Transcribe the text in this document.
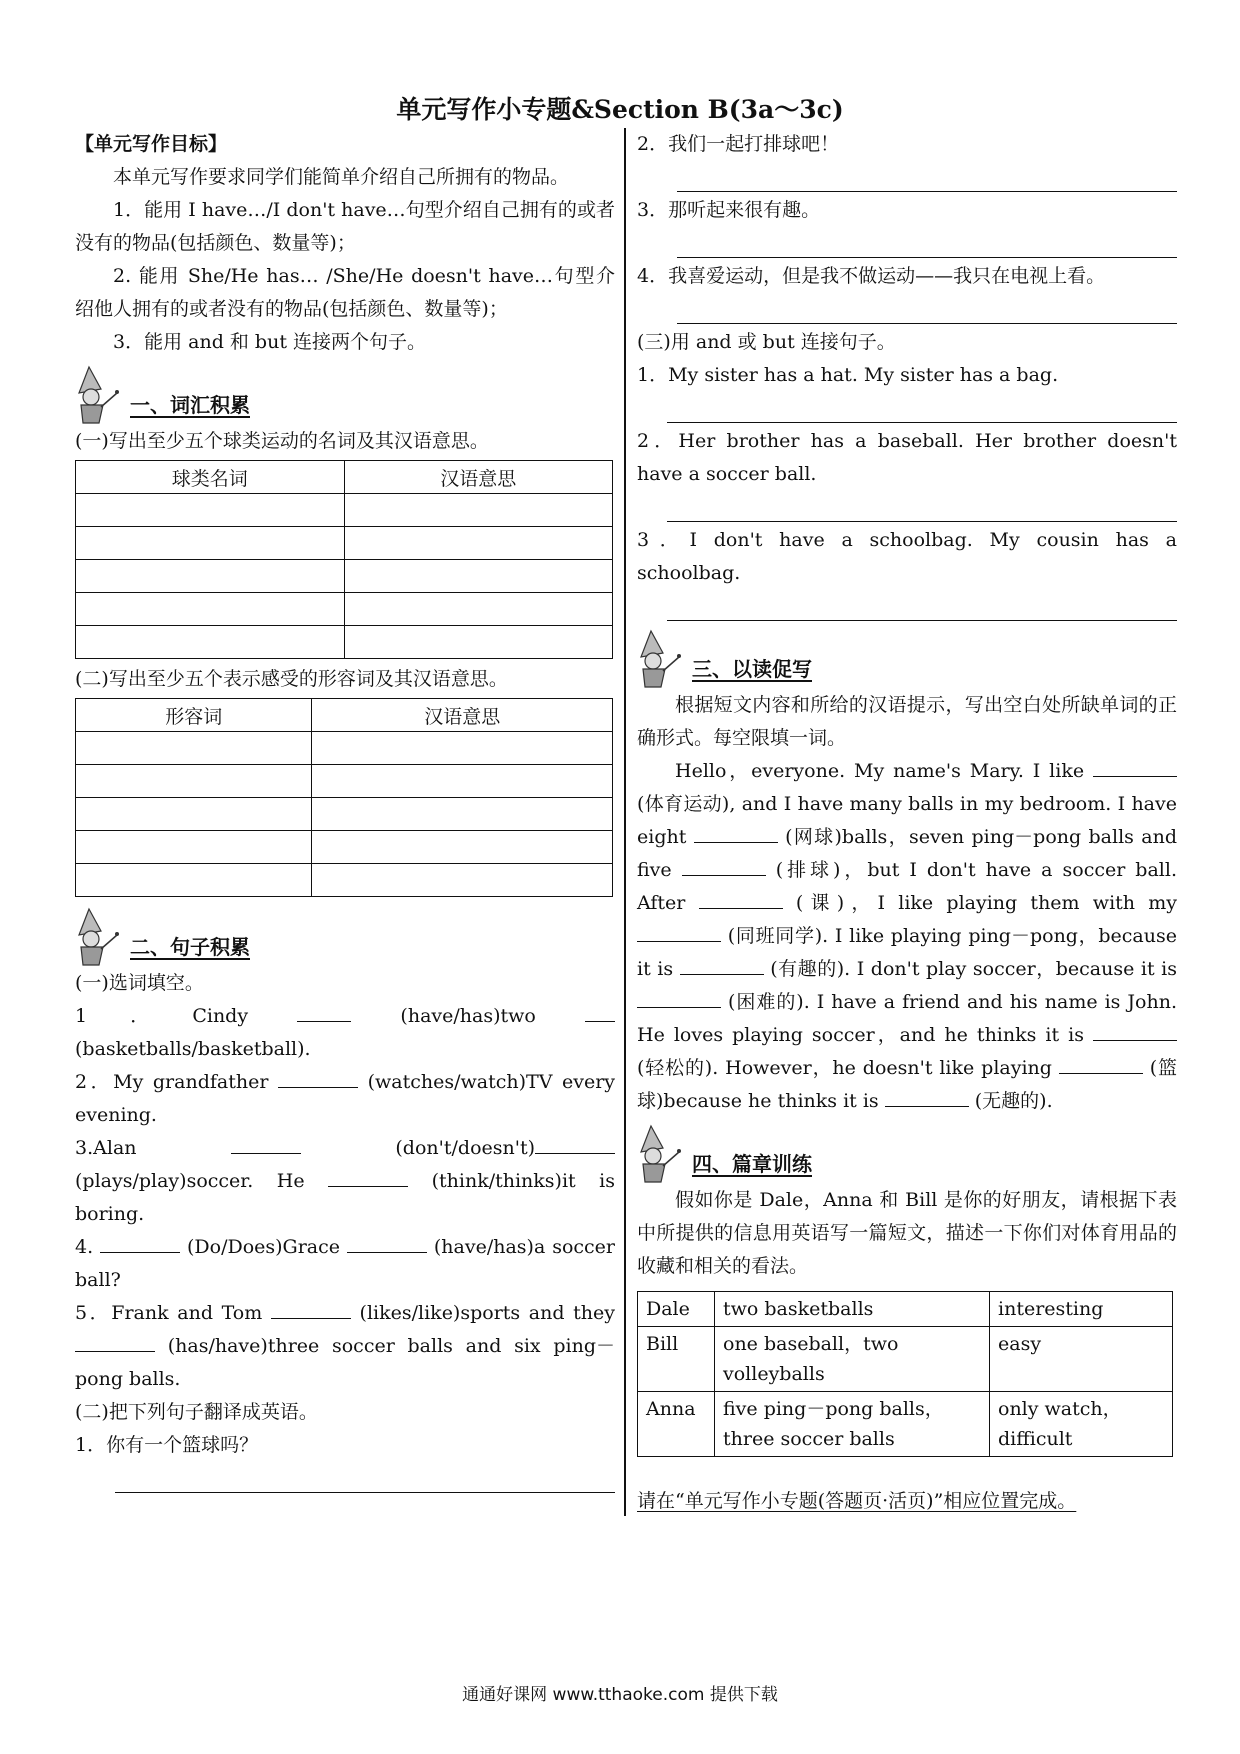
单元写作小专题&Section B(3a～3c)

【单元写作目标】

本单元写作要求同学们能简单介绍自己所拥有的物品。

1．能用 I have…/I don't have…句型介绍自己拥有的或者没有的物品(包括颜色、数量等)；

2. 能用 She/He has… /She/He doesn't have…句型介绍他人拥有的或者没有的物品(包括颜色、数量等)；

3．能用 and 和 but 连接两个句子。

一、词汇积累

(一)写出至少五个球类运动的名词及其汉语意思。

球类名词	汉语意思

(二)写出至少五个表示感受的形容词及其汉语意思。

形容词	汉语意思

二、句子积累

(一)选词填空。

1．Cindy	(have/has)two  (basketballs/basketball).

2．My grandfather	(watches/watch)TV every evening.

3.Alan	(don't/doesn't) (plays/play)soccer. He	(think/thinks)it is boring.

4.	(Do/Does)Grace	(have/has)a soccer ball?

5．Frank and Tom	(likes/like)sports and they  (has/have)three soccer balls and six ping－pong balls.

(二)把下列句子翻译成英语。

1．你有一个篮球吗？

2．我们一起打排球吧！

3．那听起来很有趣。

4．我喜爱运动，但是我不做运动——我只在电视上看。

(三)用 and 或 but 连接句子。

1．My sister has a hat. My sister has a bag.

2．Her brother has a baseball. Her brother doesn't have a soccer ball.

3．I don't have a schoolbag. My cousin has a schoolbag.

三、以读促写

根据短文内容和所给的汉语提示，写出空白处所缺单词的正确形式。每空限填一词。

Hello，everyone. My name's Mary. I like  (体育运动), and I have many balls in my bedroom. I have eight	(网球)balls，seven ping－pong balls and five	(排球)，but I don't have a soccer ball. After	(课)，I like playing them with my  (同班同学). I like playing ping－pong，because it is	(有趣的). I don't play soccer，because it is  (困难的). I have a friend and his name is John. He loves playing soccer，and he thinks it is  (轻松的). However，he doesn't like playing	(篮球)because he thinks it is	(无趣的).

四、篇章训练

假如你是 Dale，Anna 和 Bill 是你的好朋友，请根据下表中所提供的信息用英语写一篇短文，描述一下你们对体育用品的收藏和相关的看法。

Dale	two basketballs	interesting
Bill	one baseball，two volleyballs	easy
Anna	five ping－pong balls，three soccer balls	only watch，difficult

请在“单元写作小专题(答题页·活页)”相应位置完成。

通通好课网 www.tthaoke.com 提供下载
